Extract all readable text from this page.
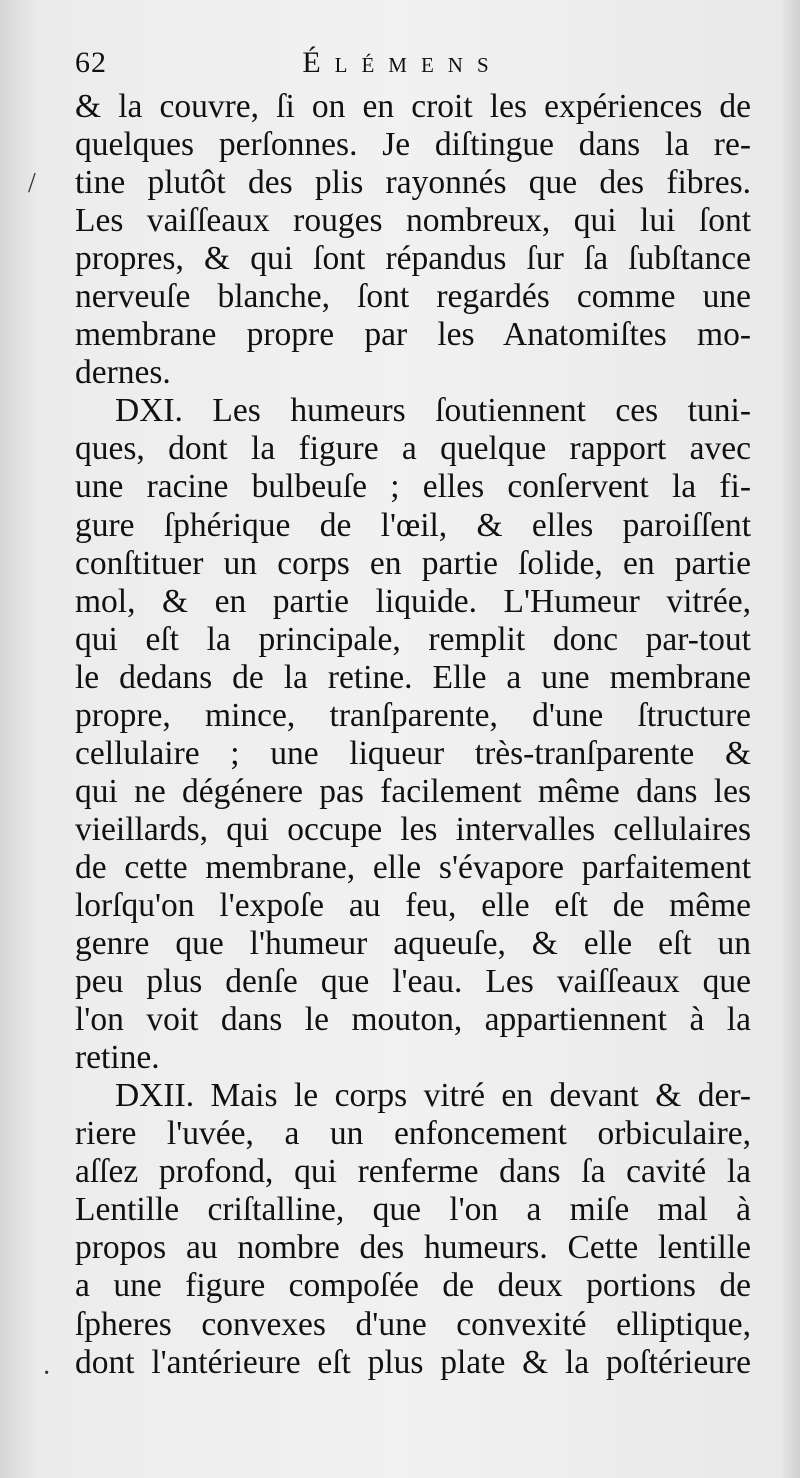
62	Élémens
/
·
& la couvre, ſi on en croit les expériences de
quelques perſonnes. Je diſtingue dans la re-
tine plutôt des plis rayonnés que des fibres.
Les vaiſſeaux rouges nombreux, qui lui ſont
propres, & qui ſont répandus ſur ſa ſubſtance
nerveuſe blanche, ſont regardés comme une
membrane propre par les Anatomiſtes mo-
dernes.
DXI. Les humeurs ſoutiennent ces tuni-
ques, dont la figure a quelque rapport avec
une racine bulbeuſe ; elles conſervent la fi-
gure ſphérique de l'œil, & elles paroiſſent
conſtituer un corps en partie ſolide, en partie
mol, & en partie liquide. L'Humeur vitrée,
qui eſt la principale, remplit donc par-tout
le dedans de la retine. Elle a une membrane
propre, mince, tranſparente, d'une ſtructure
cellulaire ; une liqueur très-tranſparente &
qui ne dégénere pas facilement même dans les
vieillards, qui occupe les intervalles cellulaires
de cette membrane, elle s'évapore parfaitement
lorſqu'on l'expoſe au feu, elle eſt de même
genre que l'humeur aqueuſe, & elle eſt un
peu plus denſe que l'eau. Les vaiſſeaux que
l'on voit dans le mouton, appartiennent à la
retine.
DXII. Mais le corps vitré en devant & der-
riere l'uvée, a un enfoncement orbiculaire,
aſſez profond, qui renferme dans ſa cavité la
Lentille criſtalline, que l'on a miſe mal à
propos au nombre des humeurs. Cette lentille
a une figure compoſée de deux portions de
ſpheres convexes d'une convexité elliptique,
dont l'antérieure eſt plus plate & la poſtérieure
